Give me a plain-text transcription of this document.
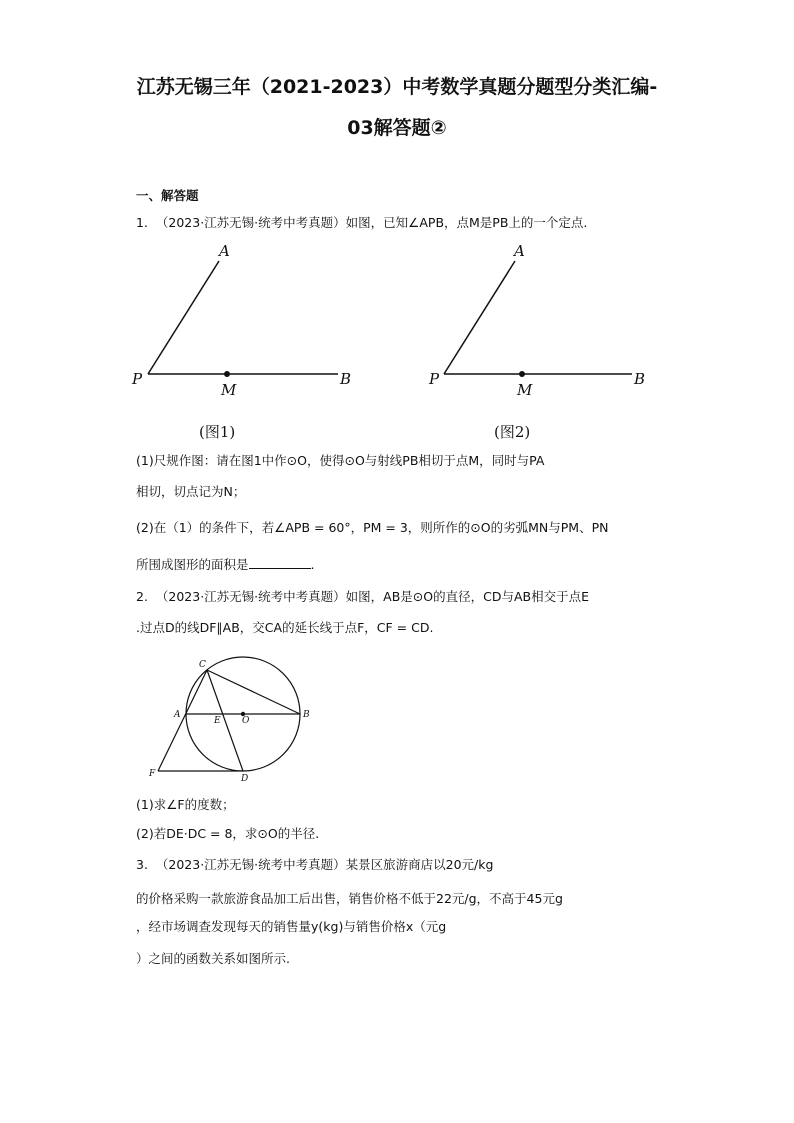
江苏无锡三年（2021-2023）中考数学真题分题型分类汇编-
03解答题②
一、解答题
1. （2023·江苏无锡·统考中考真题）如图，已知∠APB，点M是PB上的一个定点.
A
P
M
B
A
P
M
B
C
A
E O
B
F	D
(图1)	(图2)
(1)尺规作图：请在图1中作⊙O，使得⊙O与射线PB相切于点M，同时与PA
相切，切点记为N；
(2)在（1）的条件下，若∠APB = 60°，PM = 3，则所作的⊙O的劣弧MN与PM、PN
所围成图形的面积是	.
2. （2023·江苏无锡·统考中考真题）如图，AB是⊙O的直径，CD与AB相交于点E
.过点D的线DF∥AB，交CA的延长线于点F，CF = CD.
(1)求∠F的度数；
(2)若DE·DC = 8，求⊙O的半径.
3. （2023·江苏无锡·统考中考真题）某景区旅游商店以20元/kg
的价格采购一款旅游食品加工后出售，销售价格不低于22元/g，不高于45元g
，经市场调查发现每天的销售量y(kg)与销售价格x（元g
）之间的函数关系如图所示.
